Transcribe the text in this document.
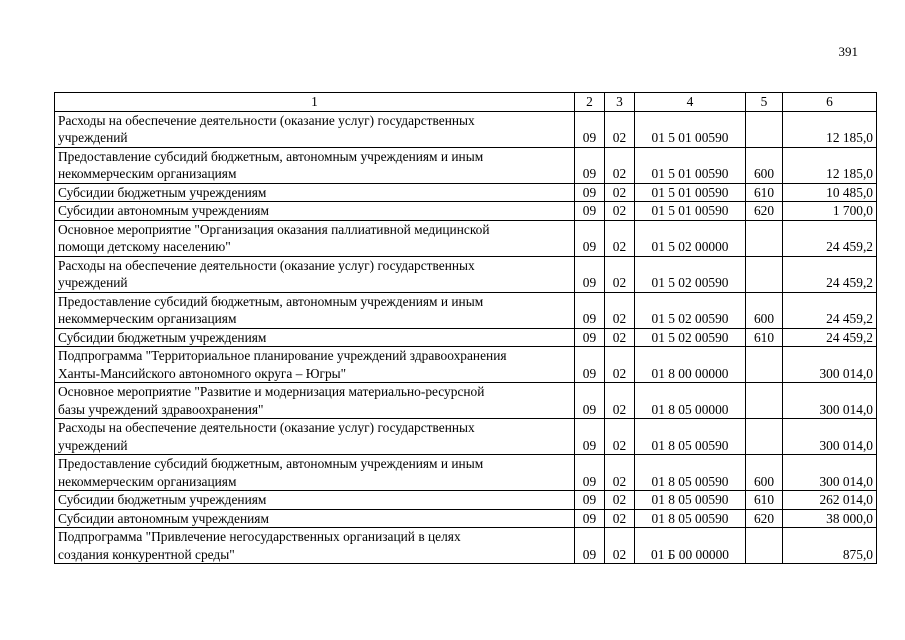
391
1	2	3	4	5	6
Расходы на обеспечение деятельности (оказание услуг) государственных
учреждений	09	02	01 5 01 00590		12 185,0
Предоставление субсидий бюджетным, автономным учреждениям и иным
некоммерческим организациям	09	02	01 5 01 00590	600	12 185,0
Субсидии бюджетным учреждениям	09	02	01 5 01 00590	610	10 485,0
Субсидии автономным учреждениям	09	02	01 5 01 00590	620	1 700,0
Основное мероприятие "Организация оказания паллиативной медицинской
помощи детскому населению"	09	02	01 5 02 00000		24 459,2
Расходы на обеспечение деятельности (оказание услуг) государственных
учреждений	09	02	01 5 02 00590		24 459,2
Предоставление субсидий бюджетным, автономным учреждениям и иным
некоммерческим организациям	09	02	01 5 02 00590	600	24 459,2
Субсидии бюджетным учреждениям	09	02	01 5 02 00590	610	24 459,2
Подпрограмма "Территориальное планирование учреждений здравоохранения
Ханты-Мансийского автономного округа – Югры"	09	02	01 8 00 00000		300 014,0
Основное мероприятие "Развитие и модернизация материально-ресурсной
базы учреждений здравоохранения"	09	02	01 8 05 00000		300 014,0
Расходы на обеспечение деятельности (оказание услуг) государственных
учреждений	09	02	01 8 05 00590		300 014,0
Предоставление субсидий бюджетным, автономным учреждениям и иным
некоммерческим организациям	09	02	01 8 05 00590	600	300 014,0
Субсидии бюджетным учреждениям	09	02	01 8 05 00590	610	262 014,0
Субсидии автономным учреждениям	09	02	01 8 05 00590	620	38 000,0
Подпрограмма "Привлечение негосударственных организаций в целях
создания конкурентной среды"	09	02	01 Б 00 00000		875,0
